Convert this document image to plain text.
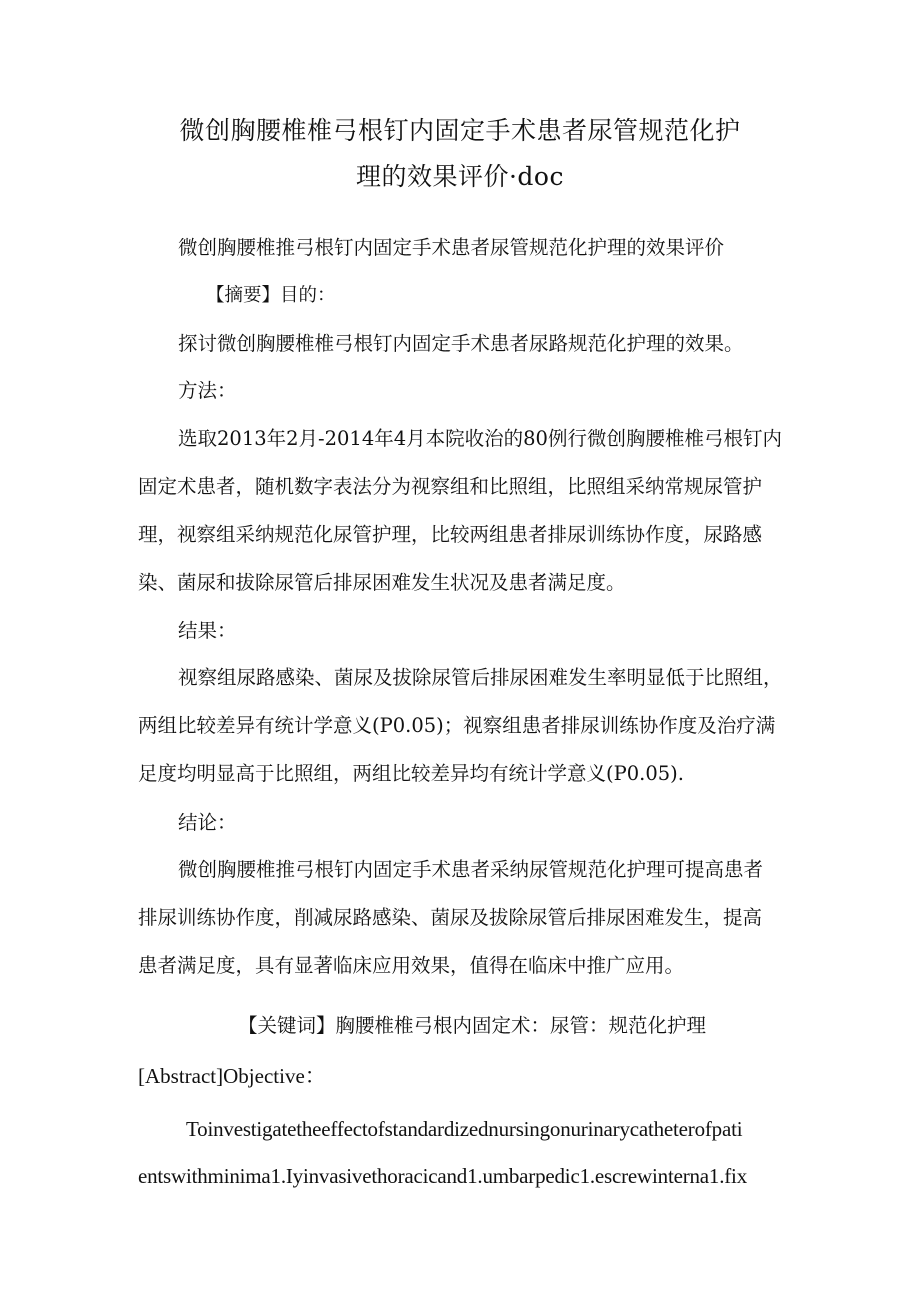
微创胸腰椎椎弓根钉内固定手术患者尿管规范化护
理的效果评价·doc
微创胸腰椎推弓根钉内固定手术患者尿管规范化护理的效果评价
【摘要】目的：
探讨微创胸腰椎椎弓根钉内固定手术患者尿路规范化护理的效果。
方法：
选取2013年2月-2014年4月本院收治的80例行微创胸腰椎椎弓根钉内
固定术患者，随机数字表法分为视察组和比照组，比照组采纳常规尿管护
理，视察组采纳规范化尿管护理，比较两组患者排尿训练协作度，尿路感
染、菌尿和拔除尿管后排尿困难发生状况及患者满足度。
结果：
视察组尿路感染、菌尿及拔除尿管后排尿困难发生率明显低于比照组，
两组比较差异有统计学意义(P0.05)；视察组患者排尿训练协作度及治疗满
足度均明显高于比照组，两组比较差异均有统计学意义(P0.05).
结论：
微创胸腰椎推弓根钉内固定手术患者采纳尿管规范化护理可提高患者
排尿训练协作度，削减尿路感染、菌尿及拔除尿管后排尿困难发生，提高
患者满足度，具有显著临床应用效果，值得在临床中推广应用。
【关键词】胸腰椎椎弓根内固定术：尿管：规范化护理
[Abstract]Objective：
Toinvestigatetheeffectofstandardizednursingonurinarycatheterofpati
entswithminima1.Iyinvasivethoracicand1.umbarpedic1.escrewinterna1.fix
